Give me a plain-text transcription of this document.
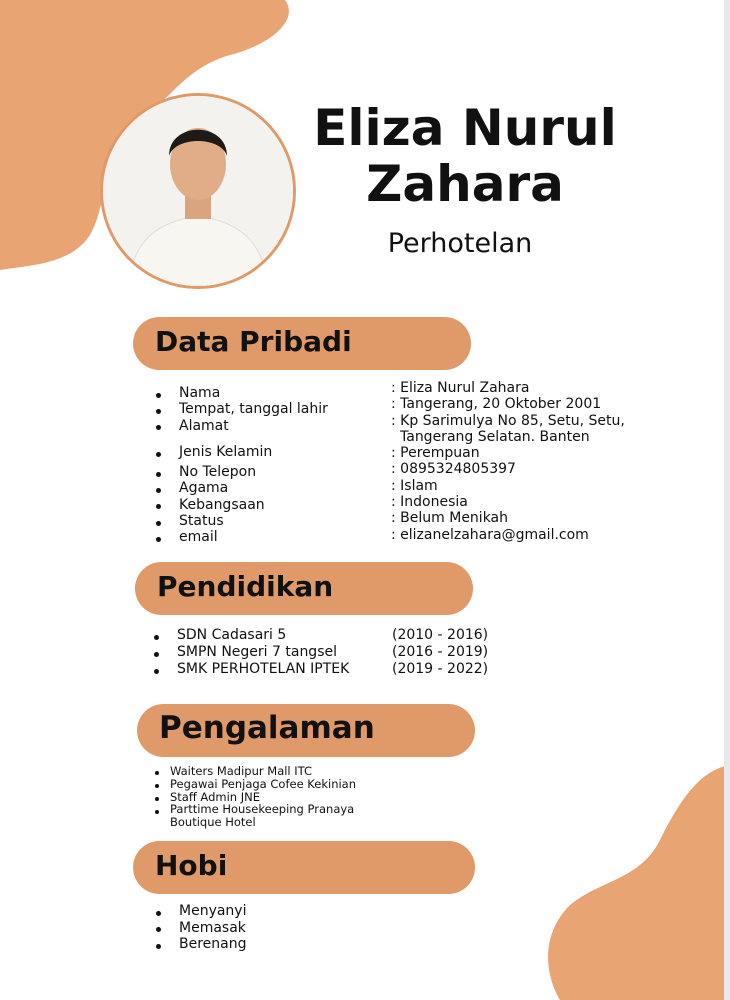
Eliza Nurul Zahara
Perhotelan
Data Pribadi
Nama
Tempat, tanggal lahir
Alamat
Jenis Kelamin
No Telepon
Agama
Kebangsaan
Status
email
: Eliza Nurul Zahara
: Tangerang, 20 Oktober 2001
: Kp Sarimulya No 85, Setu, Setu,
Tangerang Selatan. Banten
: Perempuan
: 0895324805397
: Islam
: Indonesia
: Belum Menikah
: elizanelzahara@gmail.com
Pendidikan
SDN Cadasari 5
SMPN Negeri 7 tangsel
SMK PERHOTELAN IPTEK
(2010 - 2016)
(2016 - 2019)
(2019 - 2022)
Pengalaman
Waiters Madipur Mall ITC
Pegawai Penjaga Cofee Kekinian
Staff Admin JNE
Parttime Housekeeping Pranaya Boutique Hotel
Hobi
Menyanyi
Memasak
Berenang
